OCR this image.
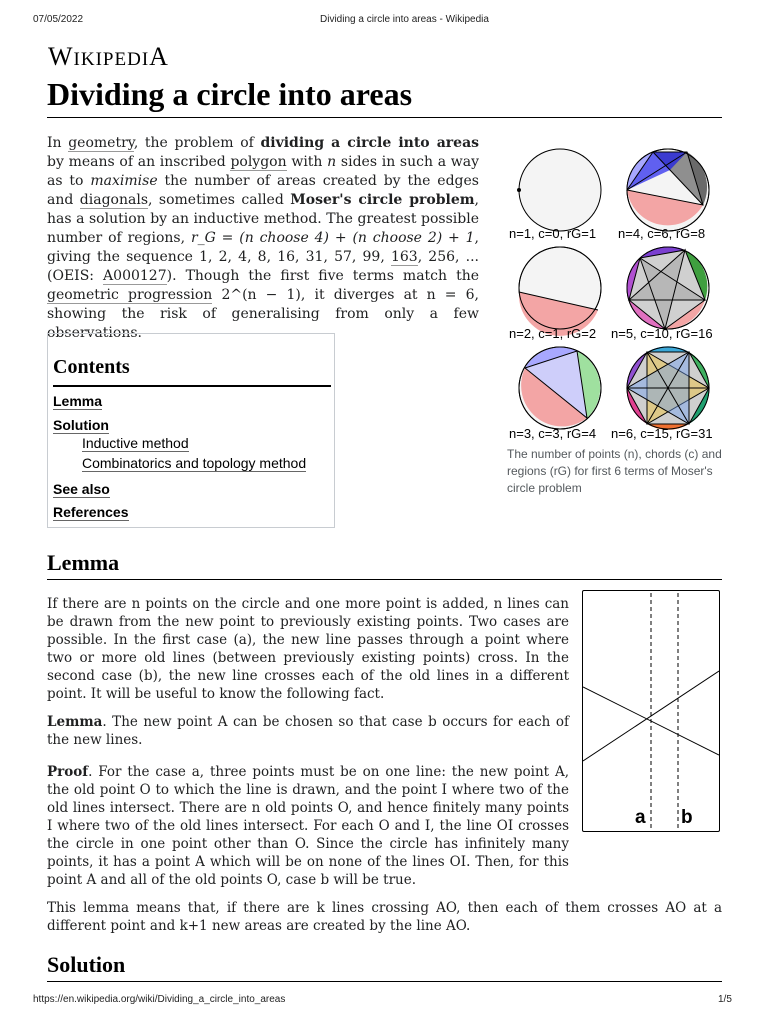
07/05/2022	Dividing a circle into areas - Wikipedia
WIKIPEDIA
Dividing a circle into areas

In geometry, the problem of dividing a circle into areas by means of an inscribed polygon with n sides in such a way as to maximise the number of areas created by the edges and diagonals, sometimes called Moser's circle problem, has a solution by an inductive method. The greatest possible number of regions, r_G = (n choose 4) + (n choose 2) + 1, giving the sequence 1, 2, 4, 8, 16, 31, 57, 99, 163, 256, ... (OEIS: A000127). Though the first five terms match the geometric progression 2^(n − 1), it diverges at n = 6, showing the risk of generalising from only a few observations.

n=1, c=0, rG=1 n=4, c=6, rG=8
n=2, c=1, rG=2 n=5, c=10, rG=16
n=3, c=3, rG=4 n=6, c=15, rG=31
The number of points (n), chords (c) and regions (rG) for first 6 terms of Moser's circle problem
Contents
Lemma
Solution
Inductive method
Combinatorics and topology method
See also
References
Lemma
If there are n points on the circle and one more point is added, n lines can be drawn from the new point to previously existing points. Two cases are possible. In the first case (a), the new line passes through a point where two or more old lines (between previously existing points) cross. In the second case (b), the new line crosses each of the old lines in a different point. It will be useful to know the following fact.
Lemma. The new point A can be chosen so that case b occurs for each of the new lines.
Proof. For the case a, three points must be on one line: the new point A, the old point O to which the line is drawn, and the point I where two of the old lines intersect. There are n old points O, and hence finitely many points I where two of the old lines intersect. For each O and I, the line OI crosses the circle in one point other than O. Since the circle has infinitely many points, it has a point A which will be on none of the lines OI. Then, for this point A and all of the old points O, case b will be true.
This lemma means that, if there are k lines crossing AO, then each of them crosses AO at a different point and k+1 new areas are created by the line AO.
a b
Solution
https://en.wikipedia.org/wiki/Dividing_a_circle_into_areas	1/5
